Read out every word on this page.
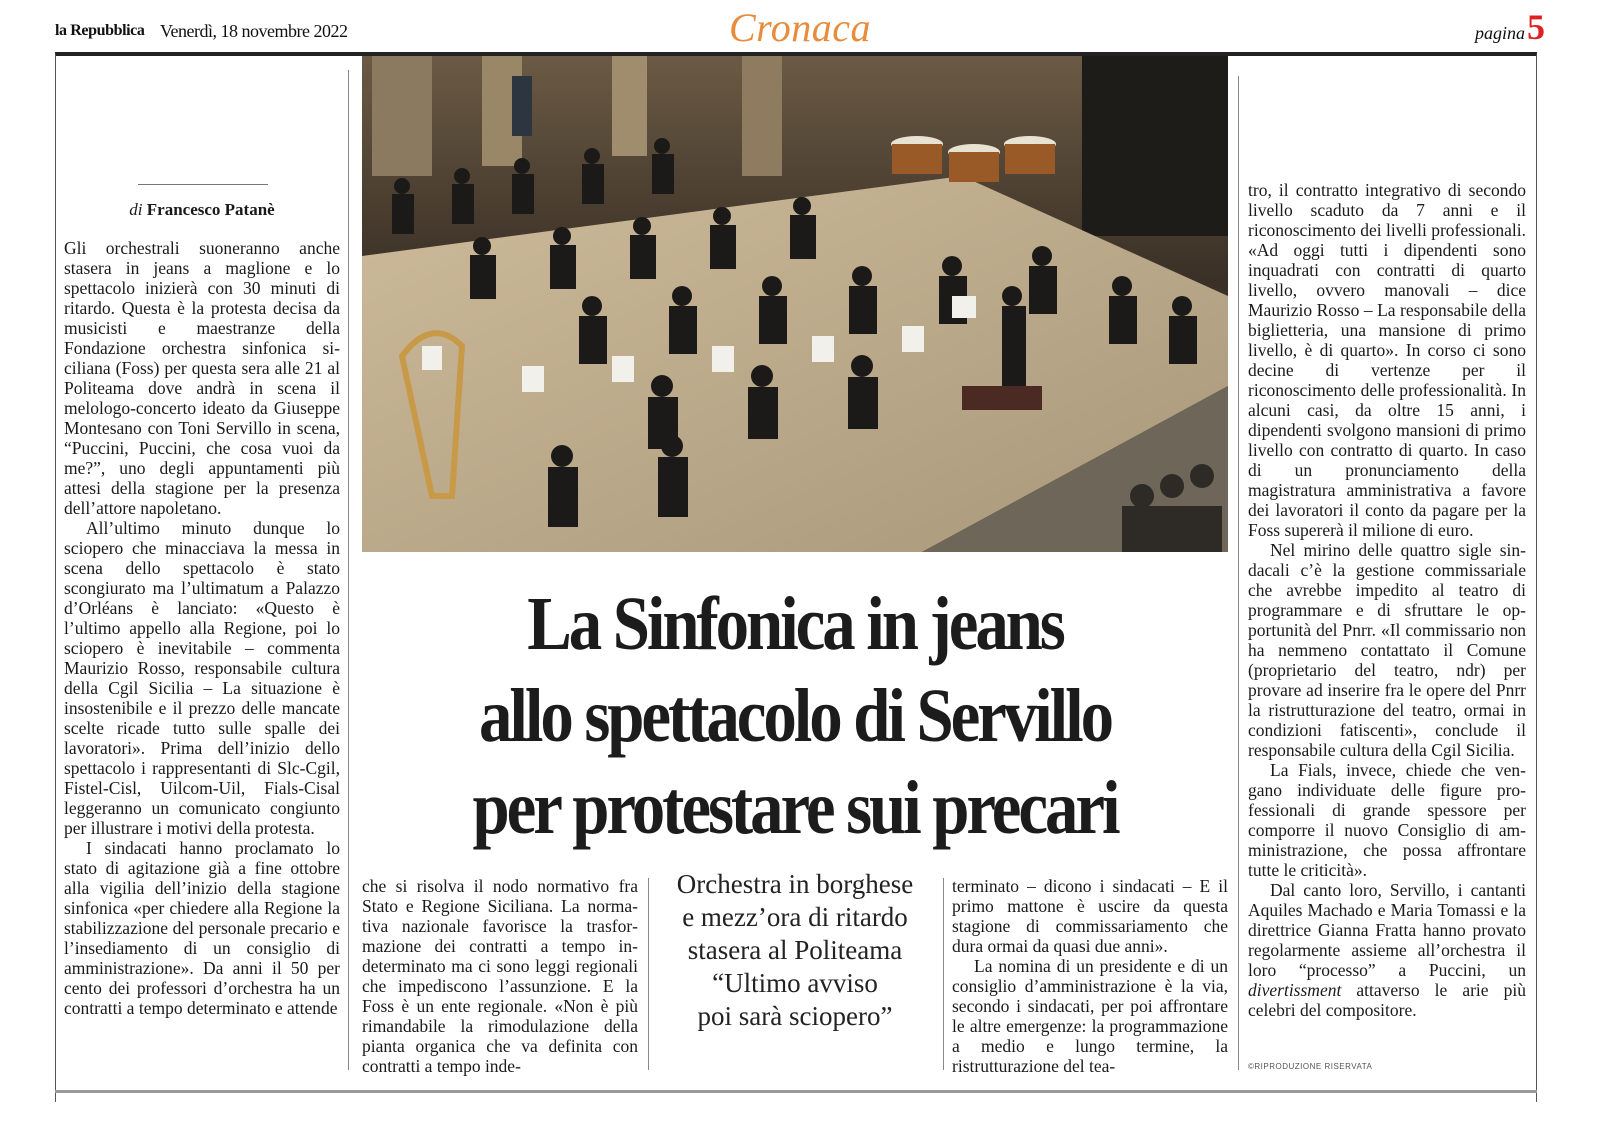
la Repubblica Venerdì, 18 novembre 2022	Cronaca	pagina5
di Francesco Patanè

Gli orchestrali suoneranno anche stasera in jeans a maglione e lo spettacolo inizierà con 30 minuti di ritardo. Questa è la protesta decisa da musicisti e maestranze della Fondazione orchestra sinfonica siciliana (Foss) per questa sera alle 21 al Politeama dove andrà in scena il melologo-concerto ideato da Giuseppe Montesano con Toni Servillo in scena, “Puccini, Puccini, che cosa vuoi da me?”, uno degli appuntamenti più attesi della stagione per la presenza dell’attore napoletano.

All’ultimo minuto dunque lo sciopero che minacciava la messa in scena dello spettacolo è stato scongiurato ma l’ultimatum a Palazzo d’Orléans è lanciato: «Questo è l’ultimo appello alla Regione, poi lo sciopero è inevitabile – commenta Maurizio Rosso, responsabile cultura della Cgil Sicilia – La situazione è insostenibile e il prezzo delle mancate scelte ricade tutto sulle spalle dei lavoratori». Prima dell’inizio dello spettacolo i rappresentanti di Slc-Cgil, Fistel-Cisl, Uilcom-Uil, Fials-Cisal leggeranno un comunicato congiunto per illustrare i motivi della protesta.

I sindacati hanno proclamato lo stato di agitazione già a fine ottobre alla vigilia dell’inizio della stagione sinfonica «per chiedere alla Regione la stabilizzazione del personale precario e l’insediamento di un consiglio di amministrazione». Da anni il 50 per cento dei professori d’orchestra ha un contratti a tempo determinato e attende

La Sinfonica in jeans
allo spettacolo di Servillo
per protestare sui precari

che si risolva il nodo normativo fra Stato e Regione Siciliana. La normativa nazionale favorisce la trasformazione dei contratti a tempo indeterminato ma ci sono leggi regionali che impediscono l’assunzione. E la Foss è un ente regionale. «Non è più rimandabile la rimodulazione della pianta organica che va definita con contratti a tempo inde-

Orchestra in borghese
e mezz’ora di ritardo
stasera al Politeama
“Ultimo avviso
poi sarà sciopero”

terminato – dicono i sindacati – E il primo mattone è uscire da questa stagione di commissariamento che dura ormai da quasi due anni».

La nomina di un presidente e di un consiglio d’amministrazione è la via, secondo i sindacati, per poi affrontare le altre emergenze: la programmazione a medio e lungo termine, la ristrutturazione del tea-

tro, il contratto integrativo di secondo livello scaduto da 7 anni e il riconoscimento dei livelli professionali. «Ad oggi tutti i dipendenti sono inquadrati con contratti di quarto livello, ovvero manovali – dice Maurizio Rosso – La responsabile della biglietteria, una mansione di primo livello, è di quarto». In corso ci sono decine di vertenze per il riconoscimento delle professionalità. In alcuni casi, da oltre 15 anni, i dipendenti svolgono mansioni di primo livello con contratto di quarto. In caso di un pronunciamento della magistratura amministrativa a favore dei lavoratori il conto da pagare per la Foss supererà il milione di euro.

Nel mirino delle quattro sigle sindacali c’è la gestione commissariale che avrebbe impedito al teatro di programmare e di sfruttare le opportunità del Pnrr. «Il commissario non ha nemmeno contattato il Comune (proprietario del teatro, ndr) per provare ad inserire fra le opere del Pnrr la ristrutturazione del teatro, ormai in condizioni fatiscenti», conclude il responsabile cultura della Cgil Sicilia.

La Fials, invece, chiede che vengano individuate delle figure professionali di grande spessore per comporre il nuovo Consiglio di amministrazione, che possa affrontare tutte le criticità».

Dal canto loro, Servillo, i cantanti Aquiles Machado e Maria Tomassi e la direttrice Gianna Fratta hanno provato regolarmente assieme all’orchestra il loro “processo” a Puccini, un divertissment attaverso le arie più celebri del compositore.

©RIPRODUZIONE RISERVATA
